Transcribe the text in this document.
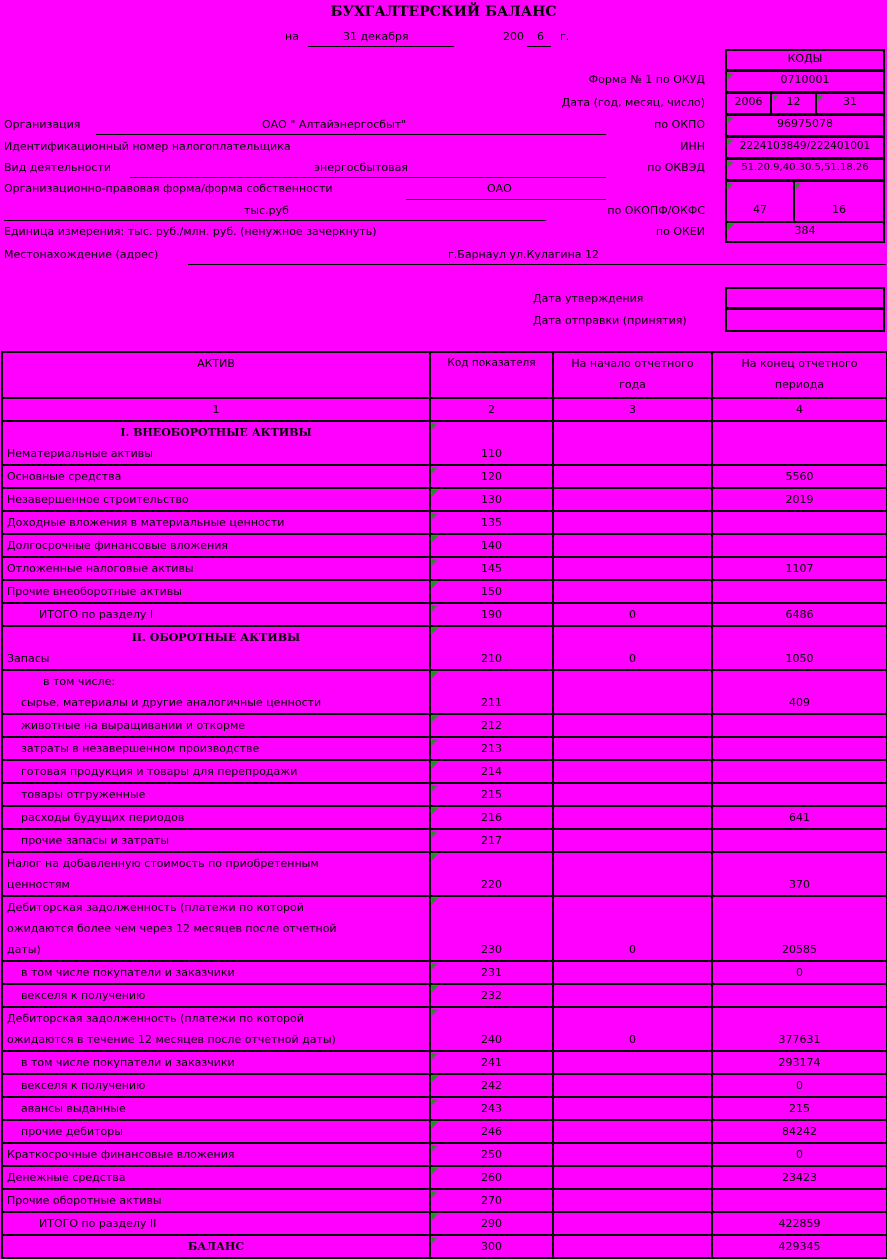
БУХГАЛТЕРСКИЙ БАЛАНС
на	31 декабря	200 6 г.
КОДЫ
Форма № 1 по ОКУД	0710001
Дата (год, месяц, число)	2006	12	31
Организация	ОАО " Алтайэнергосбыт"	по ОКПО	96975078
Идентификационный номер налогоплательщика	ИНН	2224103849/222401001
Вид деятельности	энергосбытовая	по ОКВЭД	51.20.9,40.30.5,51.18.26
Организационно-правовая форма/форма собственности	ОАО
тыс.руб	по ОКОПФ/ОКФС	47	16
Единица измерения: тыс. руб./млн. руб. (ненужное зачеркнуть)	по ОКЕИ	384
Местонахождение (адрес)	г.Барнаул ул.Кулагина 12
Дата утверждения
Дата отправки (принятия)
АКТИВ	Код показателя	На начало отчетного года	На конец отчетного периода
1	2	3	4

I. ВНЕОБОРОТНЫЕ АКТИВЫ
Нематериальные активы	110		
Основные средства	120		5560
Незавершенное строительство	130		2019
Доходные вложения в материальные ценности	135		
Долгосрочные финансовые вложения	140		
Отложенные налоговые активы	145		1107
Прочие внеоборотные активы	150		
ИТОГО по разделу I	190	0	6486

II. ОБОРОТНЫЕ АКТИВЫ
Запасы	210	0	1050

в том числе:
сырье, материалы и другие аналогичные ценности	211		409
животные на выращивании и откорме	212		
затраты в незавершенном производстве	213		
готовая продукция и товары для перепродажи	214		
товары отгруженные	215		
расходы будущих периодов	216		641
прочие запасы и затраты	217		

Налог на добавленную стоимость по приобретенным
ценностям	220		370

Дебиторская задолженность (платежи по которой
ожидаются более чем через 12 месяцев после отчетной
даты)	230	0	20585
в том числе покупатели и заказчики	231		0
векселя к получению	232		

Дебиторская задолженность (платежи по которой
ожидаются в течение 12 месяцев после отчетной даты)	240	0	377631
в том числе покупатели и заказчики	241		293174
векселя к получению	242		0
авансы выданные	243		215
прочие дебиторы	246		84242
Краткосрочные финансовые вложения	250		0
Денежные средства	260		23423
Прочие оборотные активы	270		
ИТОГО по разделу II	290		422859
БАЛАНС	300		429345
